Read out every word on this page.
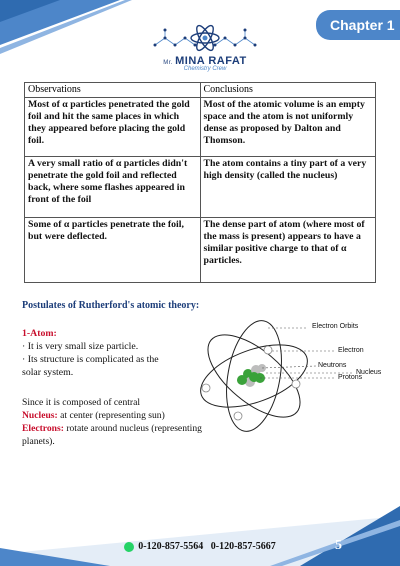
Chapter 1
Mr. MINA RAFAT
Chemistry Crew
Observations	Conclusions
Most of α particles penetrated the gold foil and hit the same places in which they appeared before placing the gold foil.	Most of the atomic volume is an empty space and the atom is not uniformly dense as proposed by Dalton and Thomson.
A very small ratio of α particles didn't penetrate the gold foil and reflected back, where some flashes appeared in front of the foil	The atom contains a tiny part of a very high density (called the nucleus)
Some of α particles penetrate the foil, but were deflected.	The dense part of atom (where most of the mass is present) appears to have a similar positive charge to that of α particles.
Postulates of Rutherford's atomic theory:
1-Atom:
· It is very small size particle.
· Its structure is complicated as the solar system.
Since it is composed of central
Nucleus: at center (representing sun)
Electrons: rotate around nucleus (representing planets).
Electron Orbits
Electron
Neutrons
Nucleus
Protons
0-120-857-5564 0-120-857-5667	5
